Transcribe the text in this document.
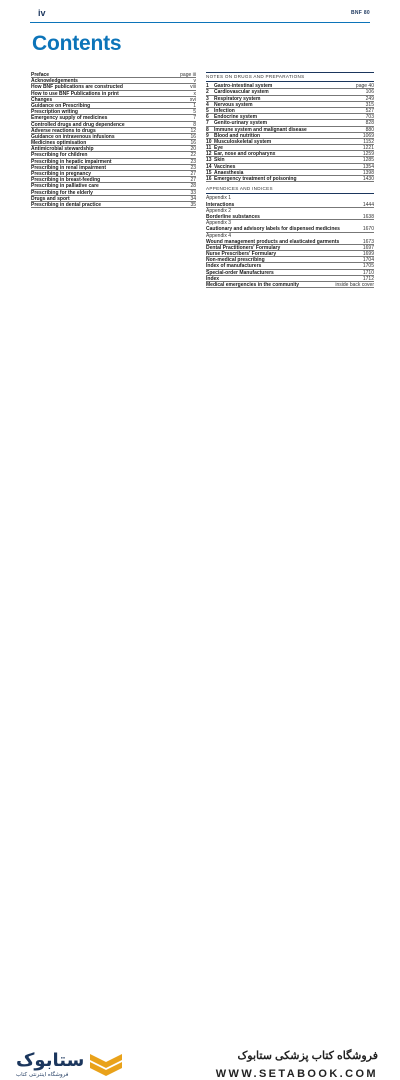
iv	BNF 80
Contents
Preface	page iii
Acknowledgements	v
How BNF publications are constructed	viii
How to use BNF Publications in print	x
Changes	xvi
Guidance on Prescribing	1
Prescription writing	5
Emergency supply of medicines	7
Controlled drugs and drug dependence	8
Adverse reactions to drugs	12
Guidance on intravenous infusions	16
Medicines optimisation	16
Antimicrobial stewardship	20
Prescribing for children	22
Prescribing in hepatic impairment	23
Prescribing in renal impairment	23
Prescribing in pregnancy	27
Prescribing in breast-feeding	27
Prescribing in palliative care	28
Prescribing for the elderly	33
Drugs and sport	34
Prescribing in dental practice	35
NOTES ON DRUGS AND PREPARATIONS
1 Gastro-intestinal system	page 40
2 Cardiovascular system	106
3 Respiratory system	249
4 Nervous system	315
5 Infection	527
6 Endocrine system	703
7 Genito-urinary system	828
8 Immune system and malignant disease	880
9 Blood and nutrition	1069
10 Musculoskeletal system	1152
11 Eye	1221
12 Ear, nose and oropharynx	1259
13 Skin	1285
14 Vaccines	1354
15 Anaesthesia	1398
16 Emergency treatment of poisoning	1430
APPENDICES AND INDICES
Appendix 1
Interactions	1444
Appendix 2
Borderline substances	1638
Appendix 3
Cautionary and advisory labels for dispensed medicines	1670
Appendix 4
Wound management products and elasticated garments	1673
Dental Practitioners' Formulary	1697
Nurse Prescribers' Formulary	1699
Non-medical prescribing	1704
Index of manufacturers	1705
Special-order Manufacturers	1710
Index	1712
Medical emergencies in the community	inside back cover
ستابوک
فروشگاه اینترنتی کتاب
فروشگاه کتاب پزشکی ستابوک
WWW.SETABOOK.COM
